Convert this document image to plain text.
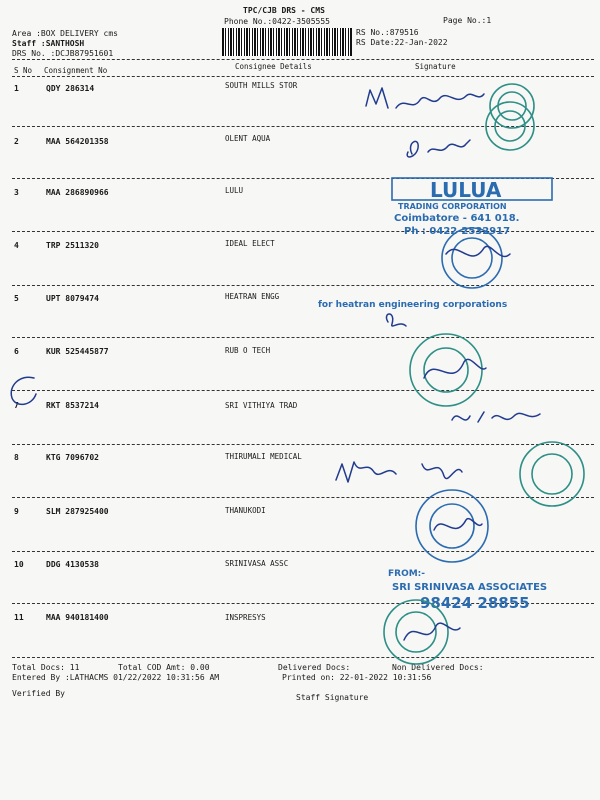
TPC/CJB DRS - CMS
Phone No.:0422-3505555	Page No.:1
Area :BOX DELIVERY cms
Staff :SANTHOSH
DRS No. :DCJB87951601
RS No.:879516
RS Date:22-Jan-2022
S No Consignment No	Consignee Details	Signature
1	QDY 286314	SOUTH MILLS STOR
2	MAA 564201358	OLENT AQUA
3	MAA 286890966	LULU
4	TRP 2511320	IDEAL ELECT
5	UPT 8079474	HEATRAN ENGG
6	KUR 525445877	RUB O TECH
7	RKT 8537214	SRI VITHIYA TRAD
8	KTG 7096702	THIRUMALI MEDICAL
9	SLM 287925400	THANUKODI
10	DDG 4130538	SRINIVASA ASSC
11	MAA 940181400	INSPRESYS
Total Docs: 11	Total COD Amt: 0.00	Delivered Docs:	Non Delivered Docs:
Entered By :LATHACMS 01/22/2022 10:31:56 AM	Printed on: 22-01-2022 10:31:56
Verified By	Staff Signature
LULUA
TRADING CORPORATION
Coimbatore - 641 018.
Ph : 0422-2532917
for heatran engineering corporations
FROM:-
SRI SRINIVASA ASSOCIATES
98424 28855
